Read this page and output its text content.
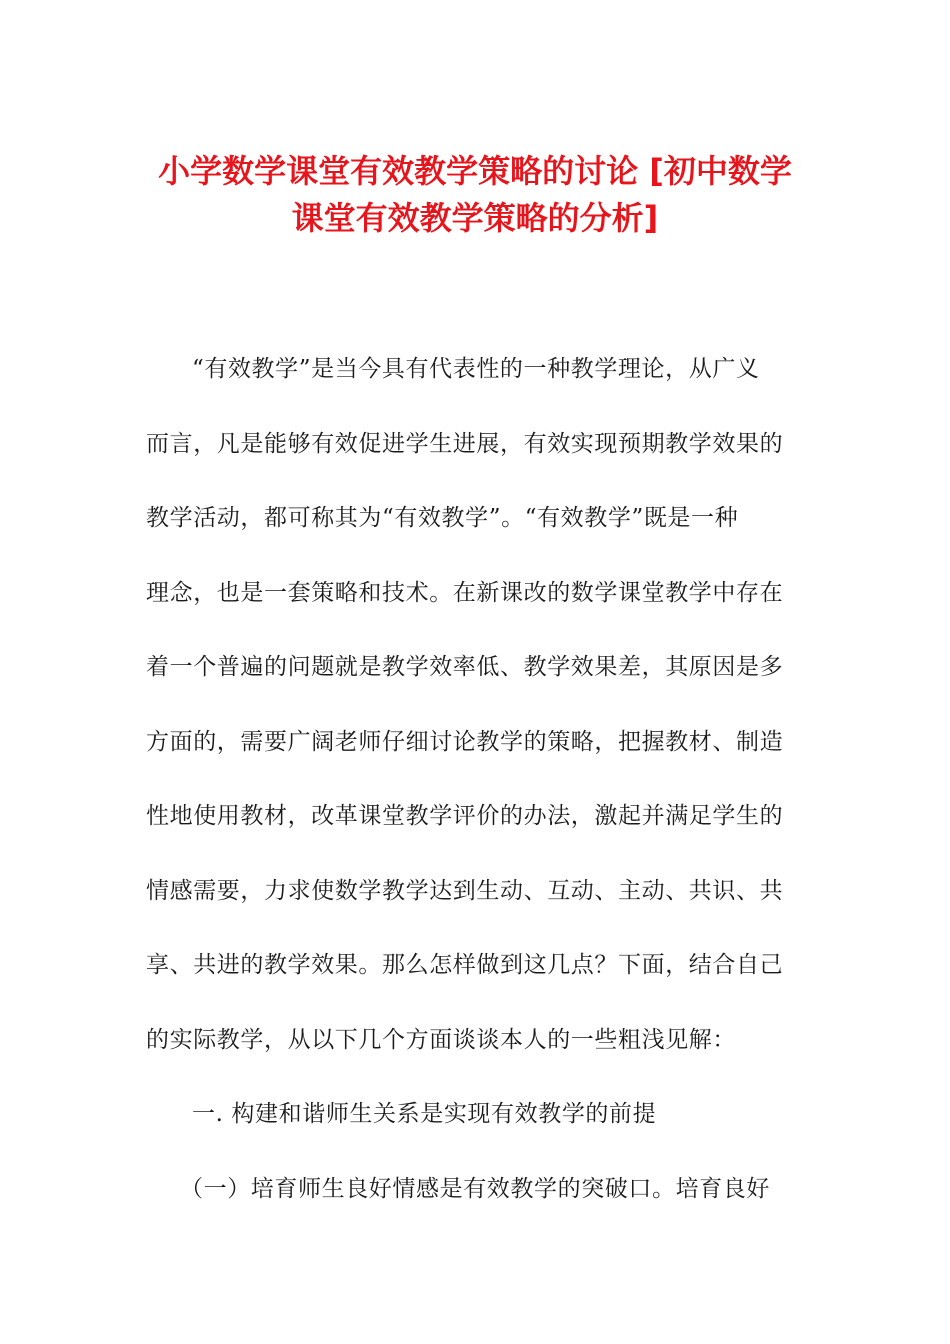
小学数学课堂有效教学策略的讨论 [初中数学
课堂有效教学策略的分析]
“有效教学”是当今具有代表性的一种教学理论，从广义
而言，凡是能够有效促进学生进展，有效实现预期教学效果的
教学活动，都可称其为“有效教学”。“有效教学”既是一种
理念，也是一套策略和技术。在新课改的数学课堂教学中存在
着一个普遍的问题就是教学效率低、教学效果差，其原因是多
方面的，需要广阔老师仔细讨论教学的策略，把握教材、制造
性地使用教材，改革课堂教学评价的办法，激起并满足学生的
情感需要，力求使数学教学达到生动、互动、主动、共识、共
享、共进的教学效果。那么怎样做到这几点？下面，结合自己
的实际教学，从以下几个方面谈谈本人的一些粗浅见解：
一. 构建和谐师生关系是实现有效教学的前提
（一）培育师生良好情感是有效教学的突破口。培育良好
